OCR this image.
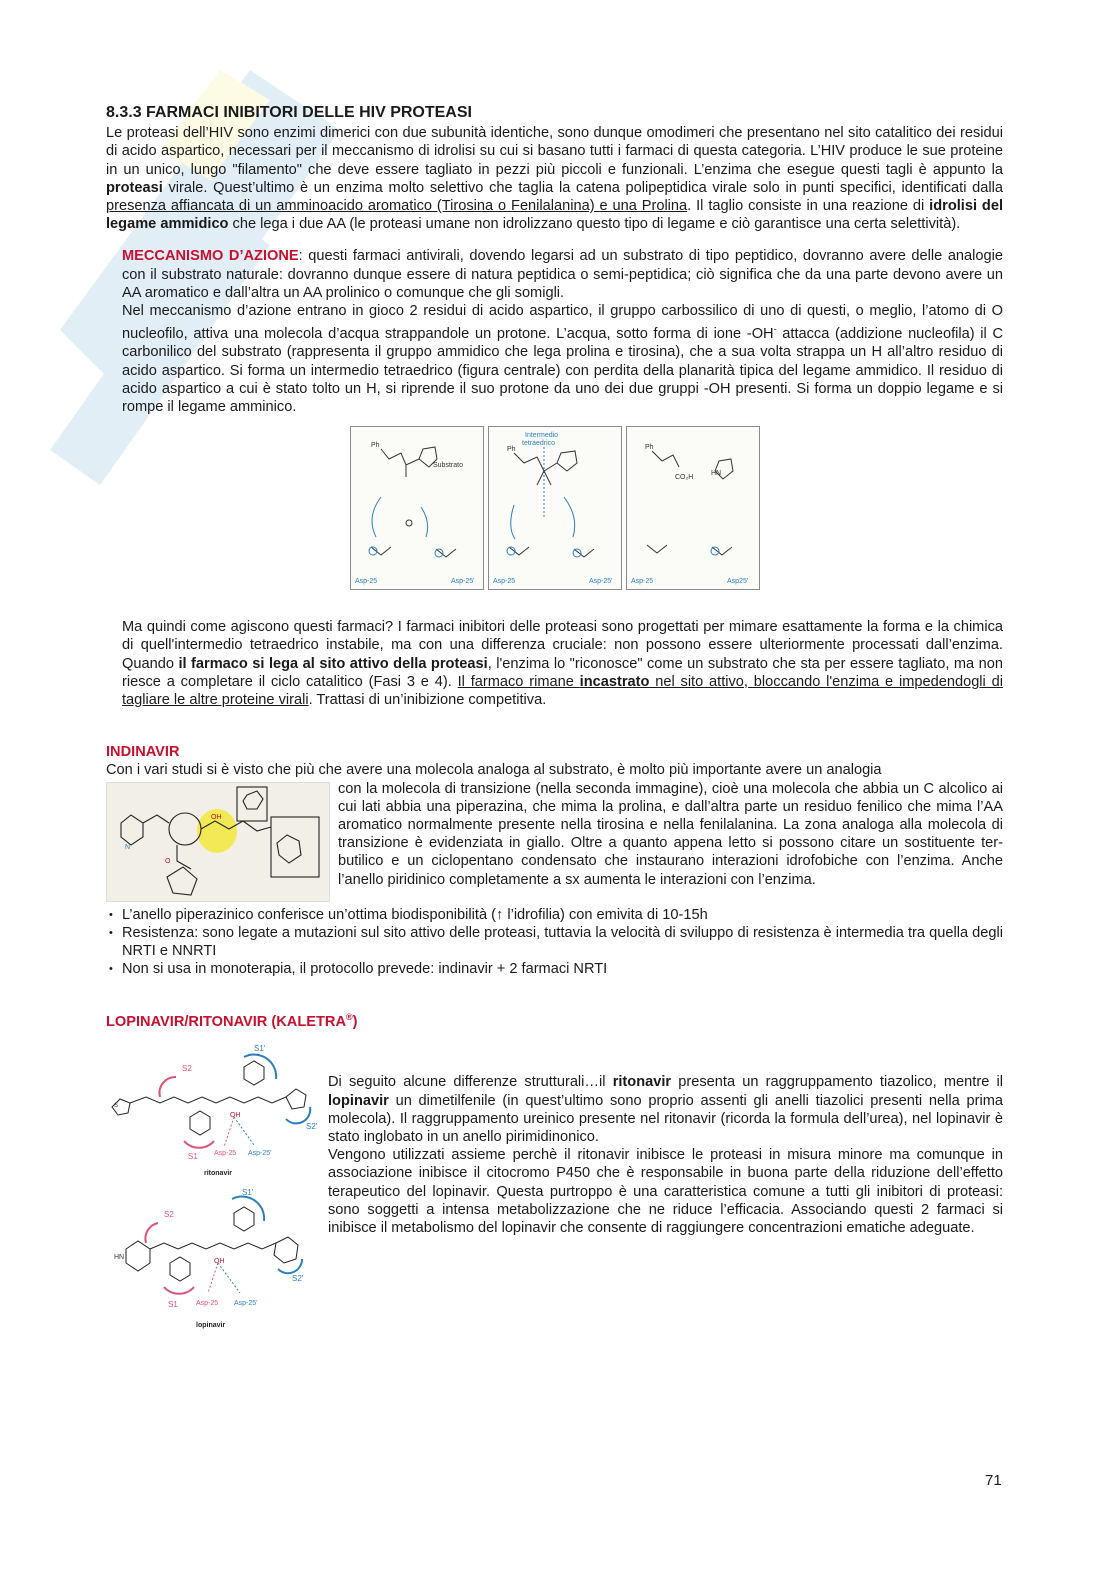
8.3.3 FARMACI INIBITORI DELLE HIV PROTEASI

Le proteasi dell’HIV sono enzimi dimerici con due subunità identiche, sono dunque omodimeri che presentano nel sito catalitico dei residui di acido aspartico, necessari per il meccanismo di idrolisi su cui si basano tutti i farmaci di questa categoria. L’HIV produce le sue proteine in un unico, lungo "filamento" che deve essere tagliato in pezzi più piccoli e funzionali. L’enzima che esegue questi tagli è appunto la proteasi virale. Quest’ultimo è un enzima molto selettivo che taglia la catena polipeptidica virale solo in punti specifici, identificati dalla presenza affiancata di un amminoacido aromatico (Tirosina o Fenilalanina) e una Prolina. Il taglio consiste in una reazione di idrolisi del legame ammidico che lega i due AA (le proteasi umane non idrolizzano questo tipo di legame e ciò garantisce una certa selettività).

MECCANISMO D’AZIONE: questi farmaci antivirali, dovendo legarsi ad un substrato di tipo peptidico, dovranno avere delle analogie con il substrato naturale: dovranno dunque essere di natura peptidica o semi-peptidica; ciò significa che da una parte devono avere un AA aromatico e dall’altra un AA prolinico o comunque che gli somigli.

Nel meccanismo d’azione entrano in gioco 2 residui di acido aspartico, il gruppo carbossilico di uno di questi, o meglio, l’atomo di O nucleofilo, attiva una molecola d’acqua strappandole un protone. L’acqua, sotto forma di ione -OH- attacca (addizione nucleofila) il C carbonilico del substrato (rappresenta il gruppo ammidico che lega prolina e tirosina), che a sua volta strappa un H all’altro residuo di acido aspartico. Si forma un intermedio tetraedrico (figura centrale) con perdita della planarità tipica del legame ammidico. Il residuo di acido aspartico a cui è stato tolto un H, si riprende il suo protone da uno dei due gruppi -OH presenti. Si forma un doppio legame e si rompe il legame amminico.

Ph
Substrato
Asp-25	Asp-25'
Intermedio
tetraedrico
Ph
Asp-25	Asp-25'
Ph
CO₂H
HN
Asp-25	Asp25'

Ma quindi come agiscono questi farmaci? I farmaci inibitori delle proteasi sono progettati per mimare esattamente la forma e la chimica di quell'intermedio tetraedrico instabile, ma con una differenza cruciale: non possono essere ulteriormente processati dall’enzima. Quando il farmaco si lega al sito attivo della proteasi, l'enzima lo "riconosce" come un substrato che sta per essere tagliato, ma non riesce a completare il ciclo catalitico (Fasi 3 e 4). Il farmaco rimane incastrato nel sito attivo, bloccando l'enzima e impedendogli di tagliare le altre proteine virali. Trattasi di un’inibizione competitiva.

INDINAVIR

Con i vari studi si è visto che più che avere una molecola analoga al substrato, è molto più importante avere un analogia

OH
N
O

con la molecola di transizione (nella seconda immagine), cioè una molecola che abbia un C alcolico ai cui lati abbia una piperazina, che mima la prolina, e dall’altra parte un residuo fenilico che mima l’AA aromatico normalmente presente nella tirosina e nella fenilalanina. La zona analoga alla molecola di transizione è evidenziata in giallo. Oltre a quanto appena letto si possono citare un sostituente ter-butilico e un ciclopentano condensato che instaurano interazioni idrofobiche con l’enzima. Anche l’anello piridinico completamente a sx aumenta le interazioni con l’enzima.

• L’anello piperazinico conferisce un’ottima biodisponibilità (↑ l’idrofilia) con emivita di 10-15h
• Resistenza: sono legate a mutazioni sul sito attivo delle proteasi, tuttavia la velocità di sviluppo di resistenza è intermedia tra quella degli NRTI e NNRTI
• Non si usa in monoterapia, il protocollo prevede: indinavir + 2 farmaci NRTI
LOPINAVIR/RITONAVIR (KALETRA®)
S1'
S2
S1
S2'
Asp-25 Asp-25'
OH
S
ritonavir
S1'
S2
S1
S2'
Asp-25 Asp-25'
OH
HN
lopinavir

Di seguito alcune differenze strutturali…il ritonavir presenta un raggruppamento tiazolico, mentre il lopinavir un dimetilfenile (in quest’ultimo sono proprio assenti gli anelli tiazolici presenti nella prima molecola). Il raggruppamento ureinico presente nel ritonavir (ricorda la formula dell’urea), nel lopinavir è stato inglobato in un anello pirimidinonico.

Vengono utilizzati assieme perchè il ritonavir inibisce le proteasi in misura minore ma comunque in associazione inibisce il citocromo P450 che è responsabile in buona parte della riduzione dell’effetto terapeutico del lopinavir. Questa purtroppo è una caratteristica comune a tutti gli inibitori di proteasi: sono soggetti a intensa metabolizzazione che ne riduce l’efficacia. Associando questi 2 farmaci si inibisce il metabolismo del lopinavir che consente di raggiungere concentrazioni ematiche adeguate.

71
